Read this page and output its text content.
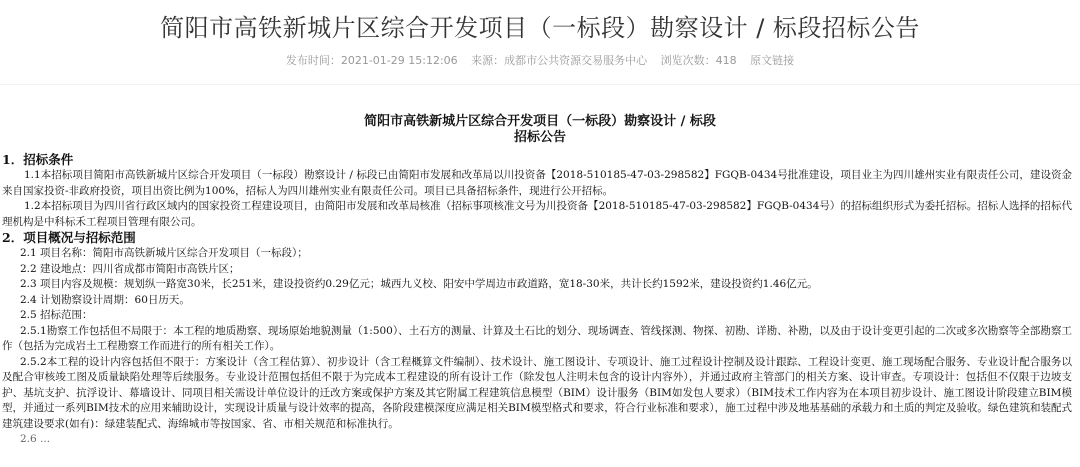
简阳市高铁新城片区综合开发项目（一标段）勘察设计 / 标段招标公告
发布时间：2021-01-29 15:12:06 来源：成都市公共资源交易服务中心 浏览次数：418 原文链接
简阳市高铁新城片区综合开发项目（一标段）勘察设计 / 标段
招标公告

1．招标条件

1.1本招标项目简阳市高铁新城片区综合开发项目（一标段）勘察设计 / 标段已由简阳市发展和改革局以川投资备【2018-510185-47-03-298582】FGQB-0434号批准建设，项目业主为四川雄州实业有限责任公司，建设资金来自国家投资-非政府投资，项目出资比例为100%，招标人为四川雄州实业有限责任公司。项目已具备招标条件，现进行公开招标。

1.2本招标项目为四川省行政区域内的国家投资工程建设项目，由简阳市发展和改革局核准（招标事项核准文号为川投资备【2018-510185-47-03-298582】FGQB-0434号）的招标组织形式为委托招标。招标人选择的招标代理机构是中科标禾工程项目管理有限公司。

2．项目概况与招标范围

2.1 项目名称：简阳市高铁新城片区综合开发项目（一标段）；

2.2 建设地点：四川省成都市简阳市高铁片区；

2.3 项目内容及规模：规划纵一路宽30米，长251米，建设投资约0.29亿元；城西九义校、阳安中学周边市政道路，宽18-30米，共计长约1592米，建设投资约1.46亿元。

2.4 计划勘察设计周期：60日历天。

2.5 招标范围：

2.5.1勘察工作包括但不局限于：本工程的地质勘察、现场原始地貌测量（1:500）、土石方的测量、计算及土石比的划分、现场调查、管线探测、物探、初勘、详勘、补勘，以及由于设计变更引起的二次或多次勘察等全部勘察工作（包括为完成岩土工程勘察工作而进行的所有相关工作）。

2.5.2本工程的设计内容包括但不限于：方案设计（含工程估算）、初步设计（含工程概算文件编制）、技术设计、施工图设计、专项设计、施工过程设计控制及设计跟踪、工程设计变更、施工现场配合服务、专业设计配合服务以及配合审核竣工图及质量缺陷处理等后续服务。专业设计范围包括但不限于为完成本工程建设的所有设计工作（除发包人注明未包含的设计内容外），并通过政府主管部门的相关方案、设计审查。专项设计：包括但不仅限于边坡支护、基坑支护、抗浮设计、幕墙设计、同项目相关需设计单位设计的迁改方案或保护方案及其它附属工程建筑信息模型（BIM）设计服务（BIM如发包人要求）（BIM技术工作内容为在本项目初步设计、施工图设计阶段建立BIM模型，并通过一系列BIM技术的应用来辅助设计，实现设计质量与设计效率的提高，各阶段建模深度应满足相关BIM模型格式和要求，符合行业标准和要求），施工过程中涉及地基基础的承载力和土质的判定及验收。绿色建筑和装配式建筑建设要求(如有)：绿建装配式、海绵城市等按国家、省、市相关规范和标准执行。

2.6 ...
